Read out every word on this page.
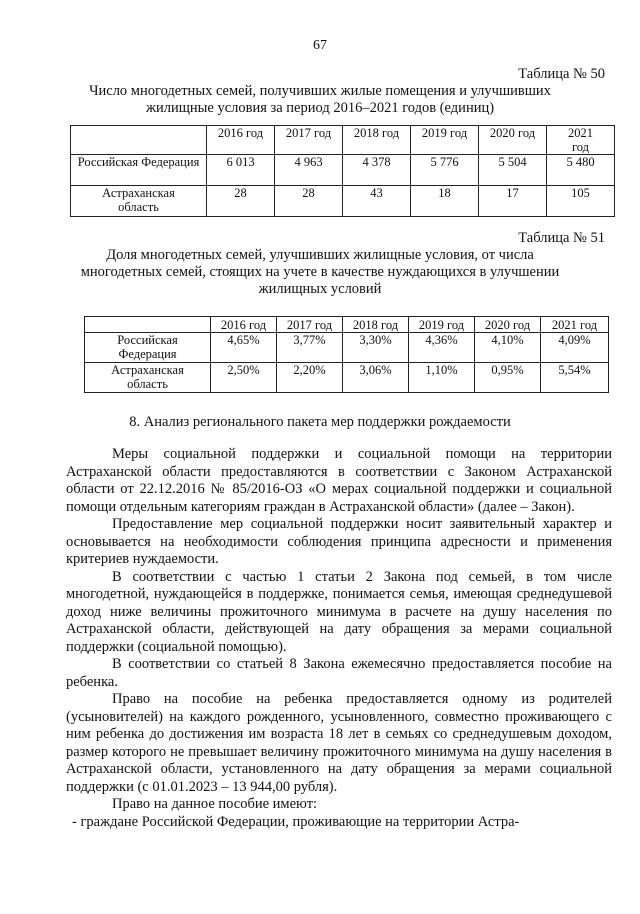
67
Таблица № 50
Число многодетных семей, получивших жилые помещения и улучшивших
жилищные условия за период 2016–2021 годов (единиц)
	2016 год	2017 год	2018 год	2019 год	2020 год	2021 год
Российская Федерация	6 013	4 963	4 378	5 776	5 504	5 480
Астраханская область	28	28	43	18	17	105
Таблица № 51
Доля многодетных семей, улучшивших жилищные условия, от числа
многодетных семей, стоящих на учете в качестве нуждающихся в улучшении
жилищных условий
	2016 год	2017 год	2018 год	2019 год	2020 год	2021 год
Российская Федерация	4,65%	3,77%	3,30%	4,36%	4,10%	4,09%
Астраханская область	2,50%	2,20%	3,06%	1,10%	0,95%	5,54%
8. Анализ регионального пакета мер поддержки рождаемости

Меры социальной поддержки и социальной помощи на территории Астраханской области предоставляются в соответствии с Законом Астраханской области от 22.12.2016 № 85/2016-ОЗ «О мерах социальной поддержки и социальной помощи отдельным категориям граждан в Астраханской области» (далее – Закон).

Предоставление мер социальной поддержки носит заявительный характер и основывается на необходимости соблюдения принципа адресности и применения критериев нуждаемости.

В соответствии с частью 1 статьи 2 Закона под семьей, в том числе многодетной, нуждающейся в поддержке, понимается семья, имеющая среднедушевой доход ниже величины прожиточного минимума в расчете на душу населения по Астраханской области, действующей на дату обращения за мерами социальной поддержки (социальной помощью).

В соответствии со статьей 8 Закона ежемесячно предоставляется пособие на ребенка.

Право на пособие на ребенка предоставляется одному из родителей (усыновителей) на каждого рожденного, усыновленного, совместно проживающего с ним ребенка до достижения им возраста 18 лет в семьях со среднедушевым доходом, размер которого не превышает величину прожиточного минимума на душу населения в Астраханской области, установленного на дату обращения за мерами социальной поддержки (с 01.01.2023 – 13 944,00 рубля).

Право на данное пособие имеют:

- граждане Российской Федерации, проживающие на территории Астра-
